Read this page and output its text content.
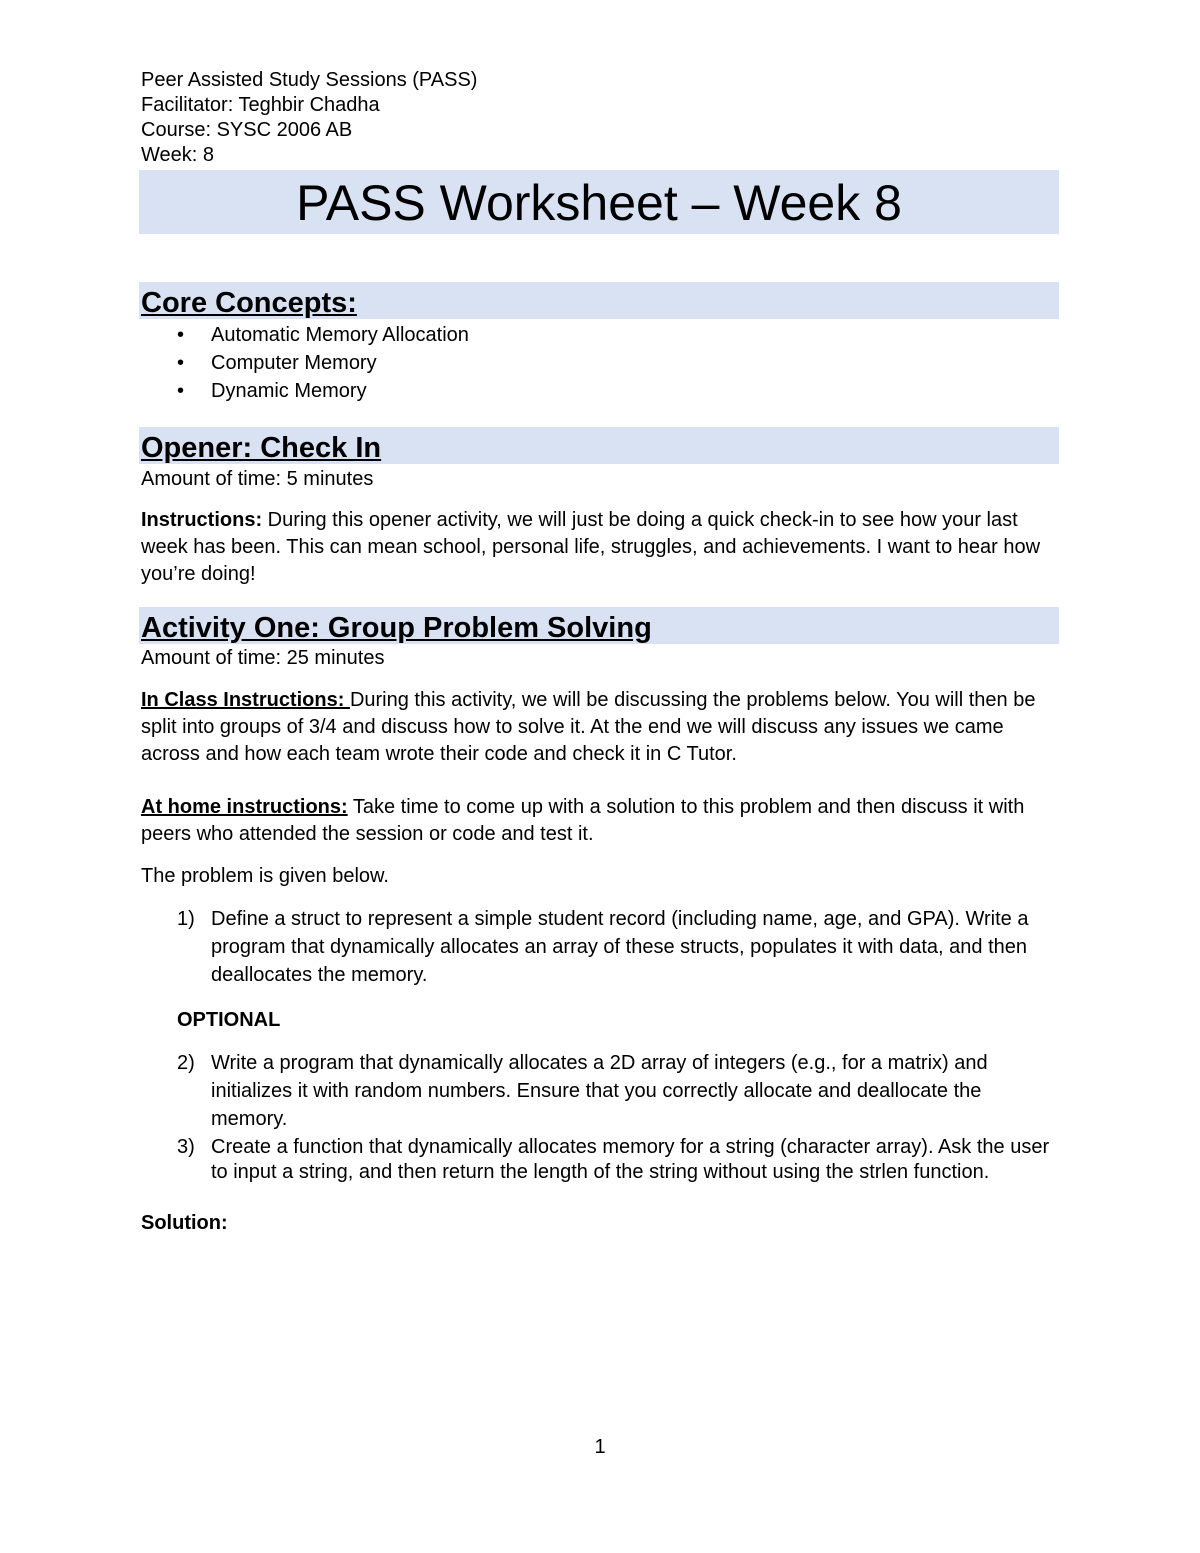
Peer Assisted Study Sessions (PASS)
Facilitator: Teghbir Chadha
Course: SYSC 2006 AB
Week: 8
PASS Worksheet – Week 8
Core Concepts:
• Automatic Memory Allocation
• Computer Memory
• Dynamic Memory
Opener: Check In

Amount of time: 5 minutes

Instructions: During this opener activity, we will just be doing a quick check-in to see how your last week has been. This can mean school, personal life, struggles, and achievements. I want to hear how you’re doing!

Activity One: Group Problem Solving

Amount of time: 25 minutes

In Class Instructions: During this activity, we will be discussing the problems below. You will then be split into groups of 3/4 and discuss how to solve it. At the end we will discuss any issues we came across and how each team wrote their code and check it in C Tutor.

At home instructions: Take time to come up with a solution to this problem and then discuss it with peers who attended the session or code and test it.

The problem is given below.

1) Define a struct to represent a simple student record (including name, age, and GPA). Write a program that dynamically allocates an array of these structs, populates it with data, and then deallocates the memory.
OPTIONAL
2) Write a program that dynamically allocates a 2D array of integers (e.g., for a matrix) and initializes it with random numbers. Ensure that you correctly allocate and deallocate the memory.
3) Create a function that dynamically allocates memory for a string (character array). Ask the user to input a string, and then return the length of the string without using the strlen function.

Solution:

1
